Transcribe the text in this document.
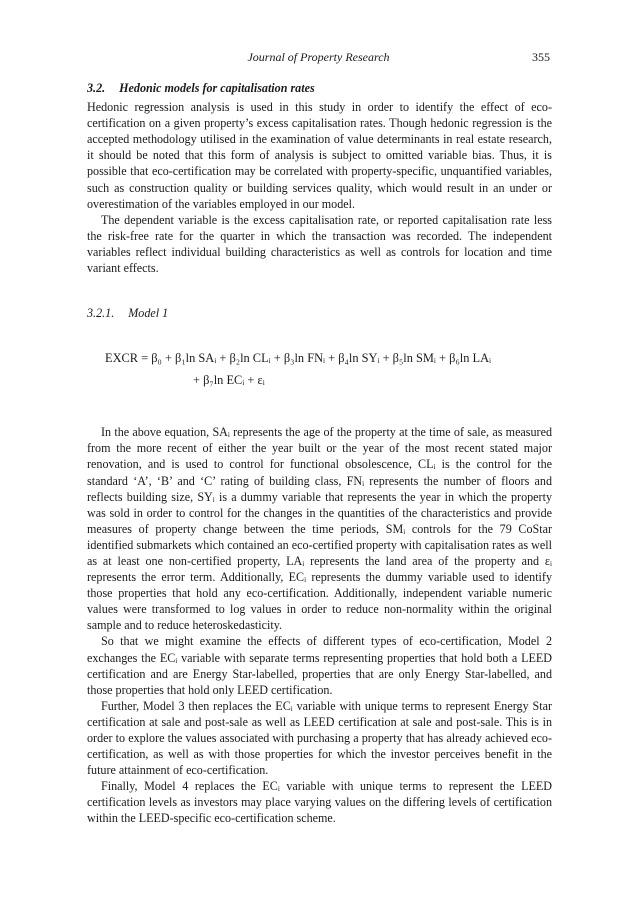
Journal of Property Research	355
3.2. Hedonic models for capitalisation rates

Hedonic regression analysis is used in this study in order to identify the effect of eco-certification on a given property’s excess capitalisation rates. Though hedonic regression is the accepted methodology utilised in the examination of value determinants in real estate research, it should be noted that this form of analysis is subject to omitted variable bias. Thus, it is possible that eco-certification may be correlated with property-specific, unquantified variables, such as construction quality or building services quality, which would result in an under or overestimation of the variables employed in our model.

The dependent variable is the excess capitalisation rate, or reported capitalisation rate less the risk-free rate for the quarter in which the transaction was recorded. The independent variables reflect individual building characteristics as well as controls for location and time variant effects.

3.2.1. Model 1
EXCR = β₀ + β₁ln SAᵢ + β₂ln CLᵢ + β₃ln FNᵢ + β₄ln SYᵢ + β₅ln SMᵢ + β₆ln LAᵢ
+ β₇ln ECᵢ + εᵢ

In the above equation, SAᵢ represents the age of the property at the time of sale, as measured from the more recent of either the year built or the year of the most recent stated major renovation, and is used to control for functional obsolescence, CLᵢ is the control for the standard ‘A’, ‘B’ and ‘C’ rating of building class, FNᵢ represents the number of floors and reflects building size, SYᵢ is a dummy variable that represents the year in which the property was sold in order to control for the changes in the quantities of the characteristics and provide measures of property change between the time periods, SMᵢ controls for the 79 CoStar identified submarkets which contained an eco-certified property with capitalisation rates as well as at least one non-certified property, LAᵢ represents the land area of the property and εᵢ represents the error term. Additionally, ECᵢ represents the dummy variable used to identify those properties that hold any eco-certification. Additionally, independent variable numeric values were transformed to log values in order to reduce non-normality within the original sample and to reduce heteroskedasticity.

So that we might examine the effects of different types of eco-certification, Model 2 exchanges the ECᵢ variable with separate terms representing properties that hold both a LEED certification and are Energy Star-labelled, properties that are only Energy Star-labelled, and those properties that hold only LEED certification.

Further, Model 3 then replaces the ECᵢ variable with unique terms to represent Energy Star certification at sale and post-sale as well as LEED certification at sale and post-sale. This is in order to explore the values associated with purchasing a property that has already achieved eco-certification, as well as with those properties for which the investor perceives benefit in the future attainment of eco-certification.

Finally, Model 4 replaces the ECᵢ variable with unique terms to represent the LEED certification levels as investors may place varying values on the differing levels of certification within the LEED-specific eco-certification scheme.
